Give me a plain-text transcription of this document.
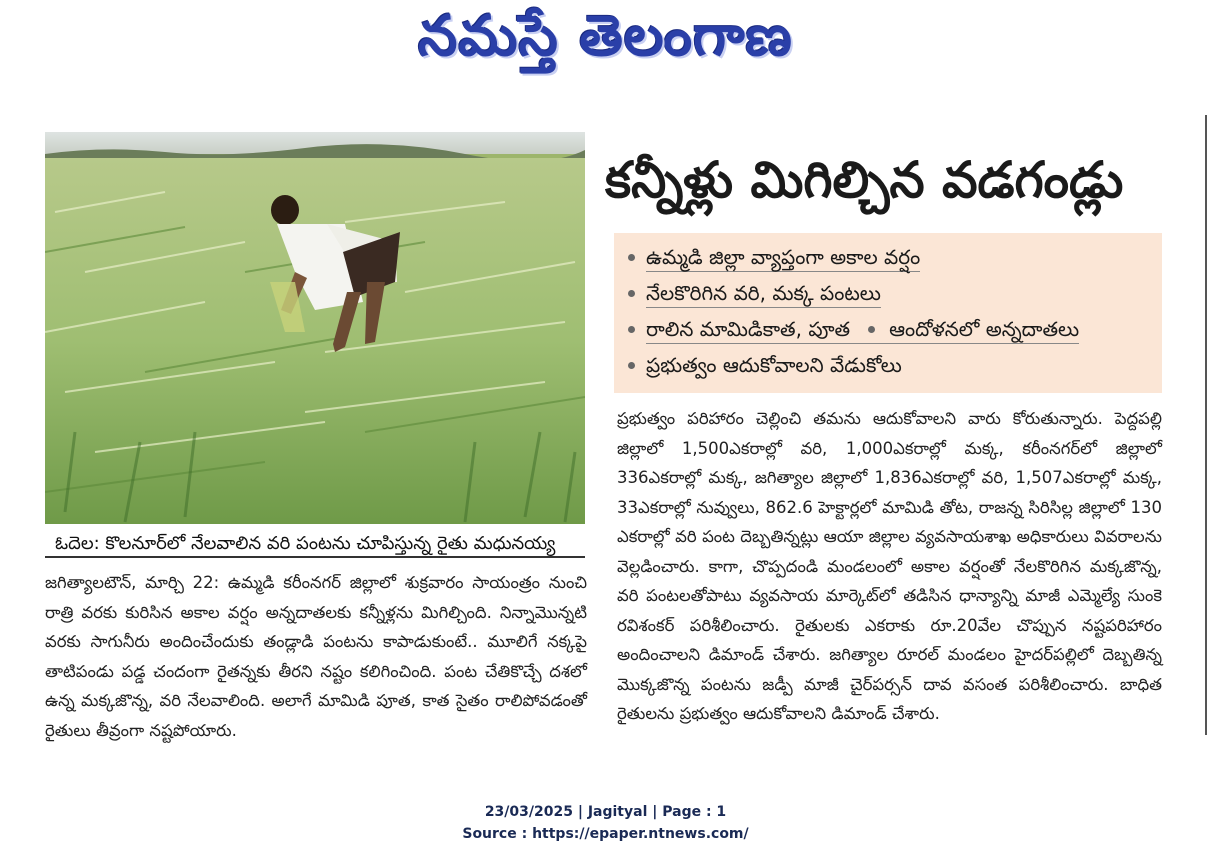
నమస్తే తెలంగాణ
ఓదెల: కొలనూర్‌లో నేలవాలిన వరి పంటను చూపిస్తున్న రైతు మధునయ్య
కన్నీళ్లు మిగిల్చిన వడగండ్లు
ఉమ్మడి జిల్లా వ్యాప్తంగా అకాల వర్షం
నేలకొరిగిన వరి, మక్క పంటలు
రాలిన మామిడికాత, పూత ఆందోళనలో అన్నదాతలు
ప్రభుత్వం ఆదుకోవాలని వేడుకోలు

జగిత్యాలటౌన్, మార్చి 22: ఉమ్మడి కరీంనగర్ జిల్లాలో శుక్రవారం సాయంత్రం నుంచి రాత్రి వరకు కురిసిన అకాల వర్షం అన్నదాతలకు కన్నీళ్లను మిగిల్చింది. నిన్నామొన్నటి వరకు సాగునీరు అందించేందుకు తండ్లాడి పంటను కాపాడుకుంటే.. మూలిగే నక్కపై తాటిపండు పడ్డ చందంగా రైతన్నకు తీరని నష్టం కలిగించింది. పంట చేతికొచ్చే దశలో ఉన్న మక్కజొన్న, వరి నేలవాలింది. అలాగే మామిడి పూత, కాత సైతం రాలిపోవడంతో రైతులు తీవ్రంగా నష్టపోయారు.

ప్రభుత్వం పరిహారం చెల్లించి తమను ఆదుకోవాలని వారు కోరుతున్నారు. పెద్దపల్లి జిల్లాలో 1,500ఎకరాల్లో వరి, 1,000ఎకరాల్లో మక్క, కరీంనగర్‌లో జిల్లాలో 336ఎకరాల్లో మక్క, జగిత్యాల జిల్లాలో 1,836ఎకరాల్లో వరి, 1,507ఎకరాల్లో మక్క, 33ఎకరాల్లో నువ్వులు, 862.6 హెక్టార్లలో మామిడి తోట, రాజన్న సిరిసిల్ల జిల్లాలో 130 ఎకరాల్లో వరి పంట దెబ్బతిన్నట్లు ఆయా జిల్లాల వ్యవసాయశాఖ అధికారులు వివరాలను వెల్లడించారు. కాగా, చొప్పదండి మండలంలో అకాల వర్షంతో నేలకొరిగిన మక్కజొన్న, వరి పంటలతోపాటు వ్యవసాయ మార్కెట్‌లో తడిసిన ధాన్యాన్ని మాజీ ఎమ్మెల్యే సుంకె రవిశంకర్ పరిశీలించారు. రైతులకు ఎకరాకు రూ.20వేల చొప్పున నష్టపరిహారం అందించాలని డిమాండ్ చేశారు. జగిత్యాల రూరల్ మండలం హైదర్‌పల్లిలో దెబ్బతిన్న మొక్కజొన్న పంటను జడ్పీ మాజీ చైర్‌పర్సన్ దావ వసంత పరిశీలించారు. బాధిత రైతులను ప్రభుత్వం ఆదుకోవాలని డిమాండ్ చేశారు.

23/03/2025 | Jagityal | Page : 1
Source : https://epaper.ntnews.com/
